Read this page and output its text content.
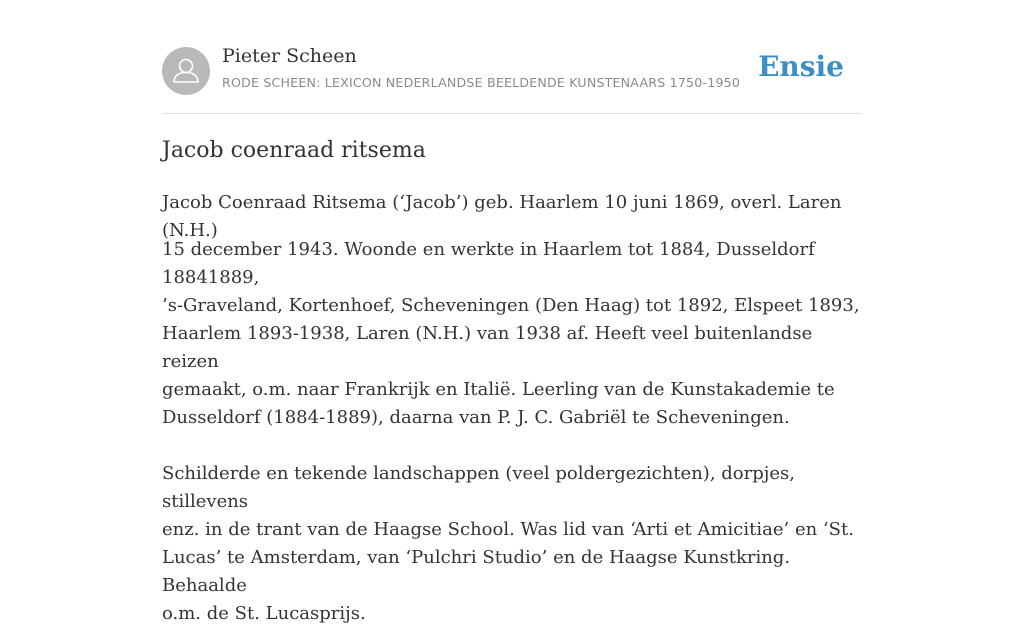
Pieter Scheen
RODE SCHEEN: LEXICON NEDERLANDSE BEELDENDE KUNSTENAARS 1750-1950 Ensie
Jacob coenraad ritsema

Jacob Coenraad Ritsema (‘Jacob’) geb. Haarlem 10 juni 1869, overl. Laren (N.H.)

15 december 1943. Woonde en werkte in Haarlem tot 1884, Dusseldorf 18841889,
’s-Graveland, Kortenhoef, Scheveningen (Den Haag) tot 1892, Elspeet 1893,
Haarlem 1893-1938, Laren (N.H.) van 1938 af. Heeft veel buitenlandse reizen
gemaakt, o.m. naar Frankrijk en Italië. Leerling van de Kunstakademie te
Dusseldorf (1884-1889), daarna van P. J. C. Gabriël te Scheveningen.

Schilderde en tekende landschappen (veel poldergezichten), dorpjes, stillevens
enz. in de trant van de Haagse School. Was lid van ‘Arti et Amicitiae’ en ‘St.
Lucas’ te Amsterdam, van ‘Pulchri Studio’ en de Haagse Kunstkring. Behaalde
o.m. de St. Lucasprijs.
